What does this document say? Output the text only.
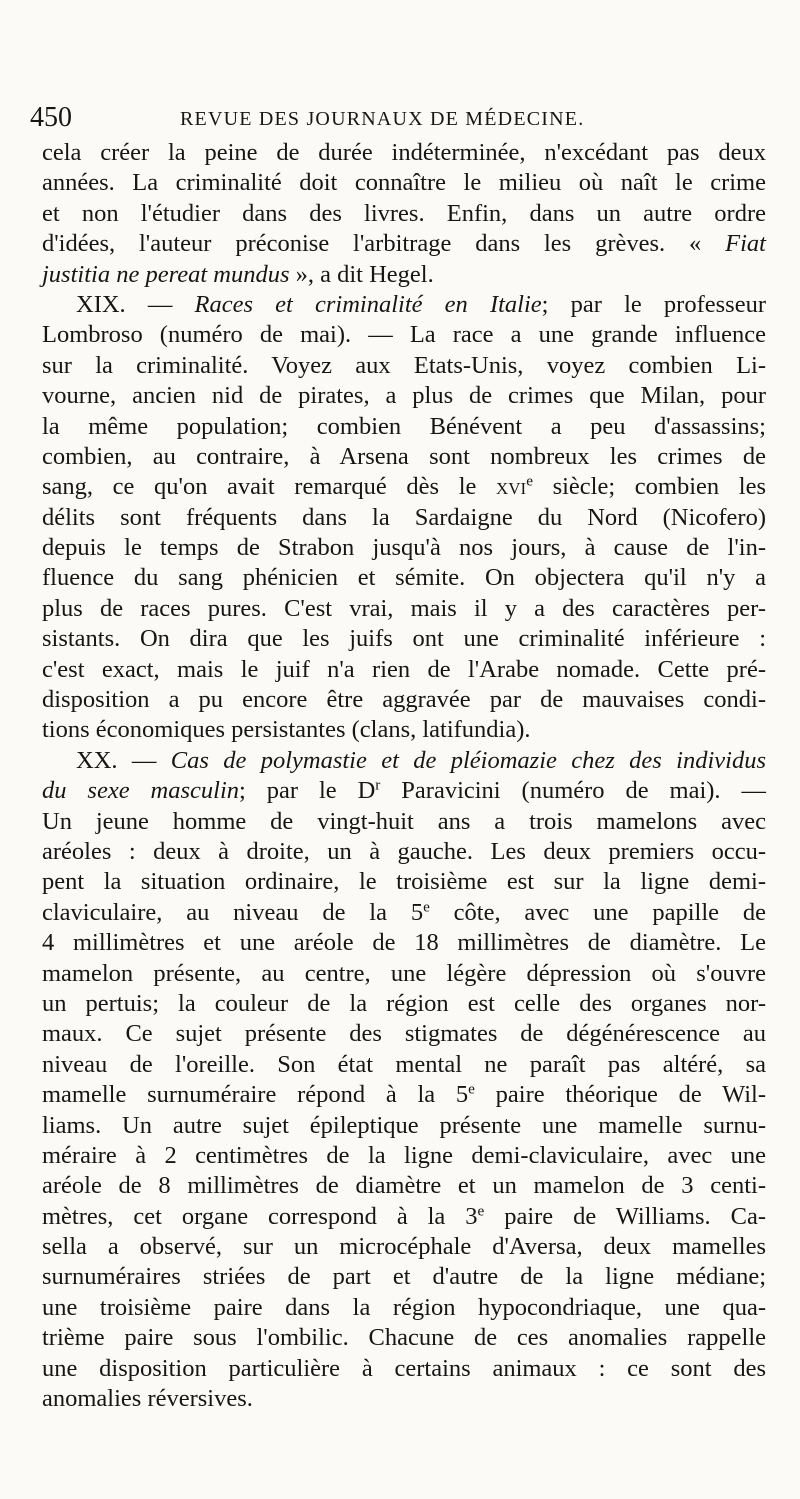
450	REVUE DES JOURNAUX DE MÉDECINE.
cela créer la peine de durée indéterminée, n'excédant pas deux
années. La criminalité doit connaître le milieu où naît le crime
et non l'étudier dans des livres. Enfin, dans un autre ordre
d'idées, l'auteur préconise l'arbitrage dans les grèves. « Fiat
justitia ne pereat mundus », a dit Hegel.
XIX. — Races et criminalité en Italie; par le professeur
Lombroso (numéro de mai). — La race a une grande influence
sur la criminalité. Voyez aux Etats-Unis, voyez combien Li-
vourne, ancien nid de pirates, a plus de crimes que Milan, pour
la même population; combien Bénévent a peu d'assassins;
combien, au contraire, à Arsena sont nombreux les crimes de
sang, ce qu'on avait remarqué dès le xvi$^e$ siècle; combien les
délits sont fréquents dans la Sardaigne du Nord (Nicofero)
depuis le temps de Strabon jusqu'à nos jours, à cause de l'in-
fluence du sang phénicien et sémite. On objectera qu'il n'y a
plus de races pures. C'est vrai, mais il y a des caractères per-
sistants. On dira que les juifs ont une criminalité inférieure :
c'est exact, mais le juif n'a rien de l'Arabe nomade. Cette pré-
disposition a pu encore être aggravée par de mauvaises condi-
tions économiques persistantes (clans, latifundia).
XX. — Cas de polymastie et de pléiomazie chez des individus
du sexe masculin; par le $D^r$ Paravicini (numéro de mai). —
Un jeune homme de vingt-huit ans a trois mamelons avec
aréoles : deux à droite, un à gauche. Les deux premiers occu-
pent la situation ordinaire, le troisième est sur la ligne demi-
claviculaire, au niveau de la 5e côte, avec une papille de
4 millimètres et une aréole de 18 millimètres de diamètre. Le
mamelon présente, au centre, une légère dépression où s'ouvre
un pertuis; la couleur de la région est celle des organes nor-
maux. Ce sujet présente des stigmates de dégénérescence au
niveau de l'oreille. Son état mental ne paraît pas altéré, sa
mamelle surnuméraire répond à la 5e paire théorique de Wil-
liams. Un autre sujet épileptique présente une mamelle surnu-
méraire à 2 centimètres de la ligne demi-claviculaire, avec une
aréole de 8 millimètres de diamètre et un mamelon de 3 centi-
mètres, cet organe correspond à la 3e paire de Williams. Ca-
sella a observé, sur un microcéphale d'Aversa, deux mamelles
surnuméraires striées de part et d'autre de la ligne médiane;
une troisième paire dans la région hypocondriaque, une qua-
trième paire sous l'ombilic. Chacune de ces anomalies rappelle
une disposition particulière à certains animaux : ce sont des
anomalies réversives.
